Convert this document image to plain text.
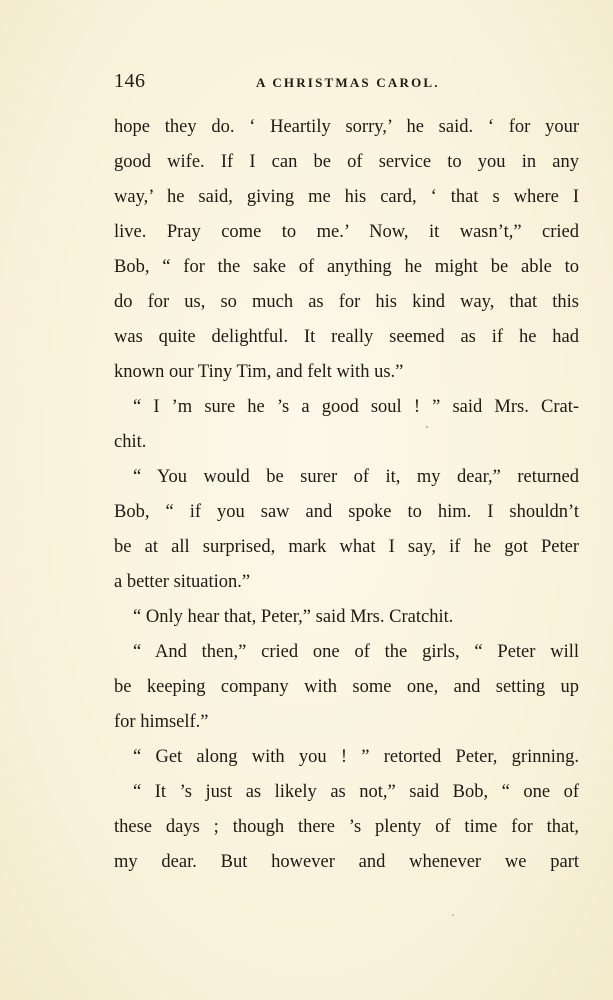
146	A CHRISTMAS CAROL.
hope they do. ‘ Heartily sorry,’ he said. ‘ for your
good wife. If I can be of service to you in any
way,’ he said, giving me his card, ‘ that s where I
live. Pray come to me.’ Now, it wasn’t,” cried
Bob, “ for the sake of anything he might be able to
do for us, so much as for his kind way, that this
was quite delightful. It really seemed as if he had
known our Tiny Tim, and felt with us.”
“ I ’m sure he ’s a good soul ! ” said Mrs. Crat-
chit.
“ You would be surer of it, my dear,” returned
Bob, “ if you saw and spoke to him. I shouldn’t
be at all surprised, mark what I say, if he got Peter
a better situation.”
“ Only hear that, Peter,” said Mrs. Cratchit.
“ And then,” cried one of the girls, “ Peter will
be keeping company with some one, and setting up
for himself.”
“ Get along with you ! ” retorted Peter, grinning.
“ It ’s just as likely as not,” said Bob, “ one of
these days ; though there ’s plenty of time for that,
my dear. But however and whenever we part
